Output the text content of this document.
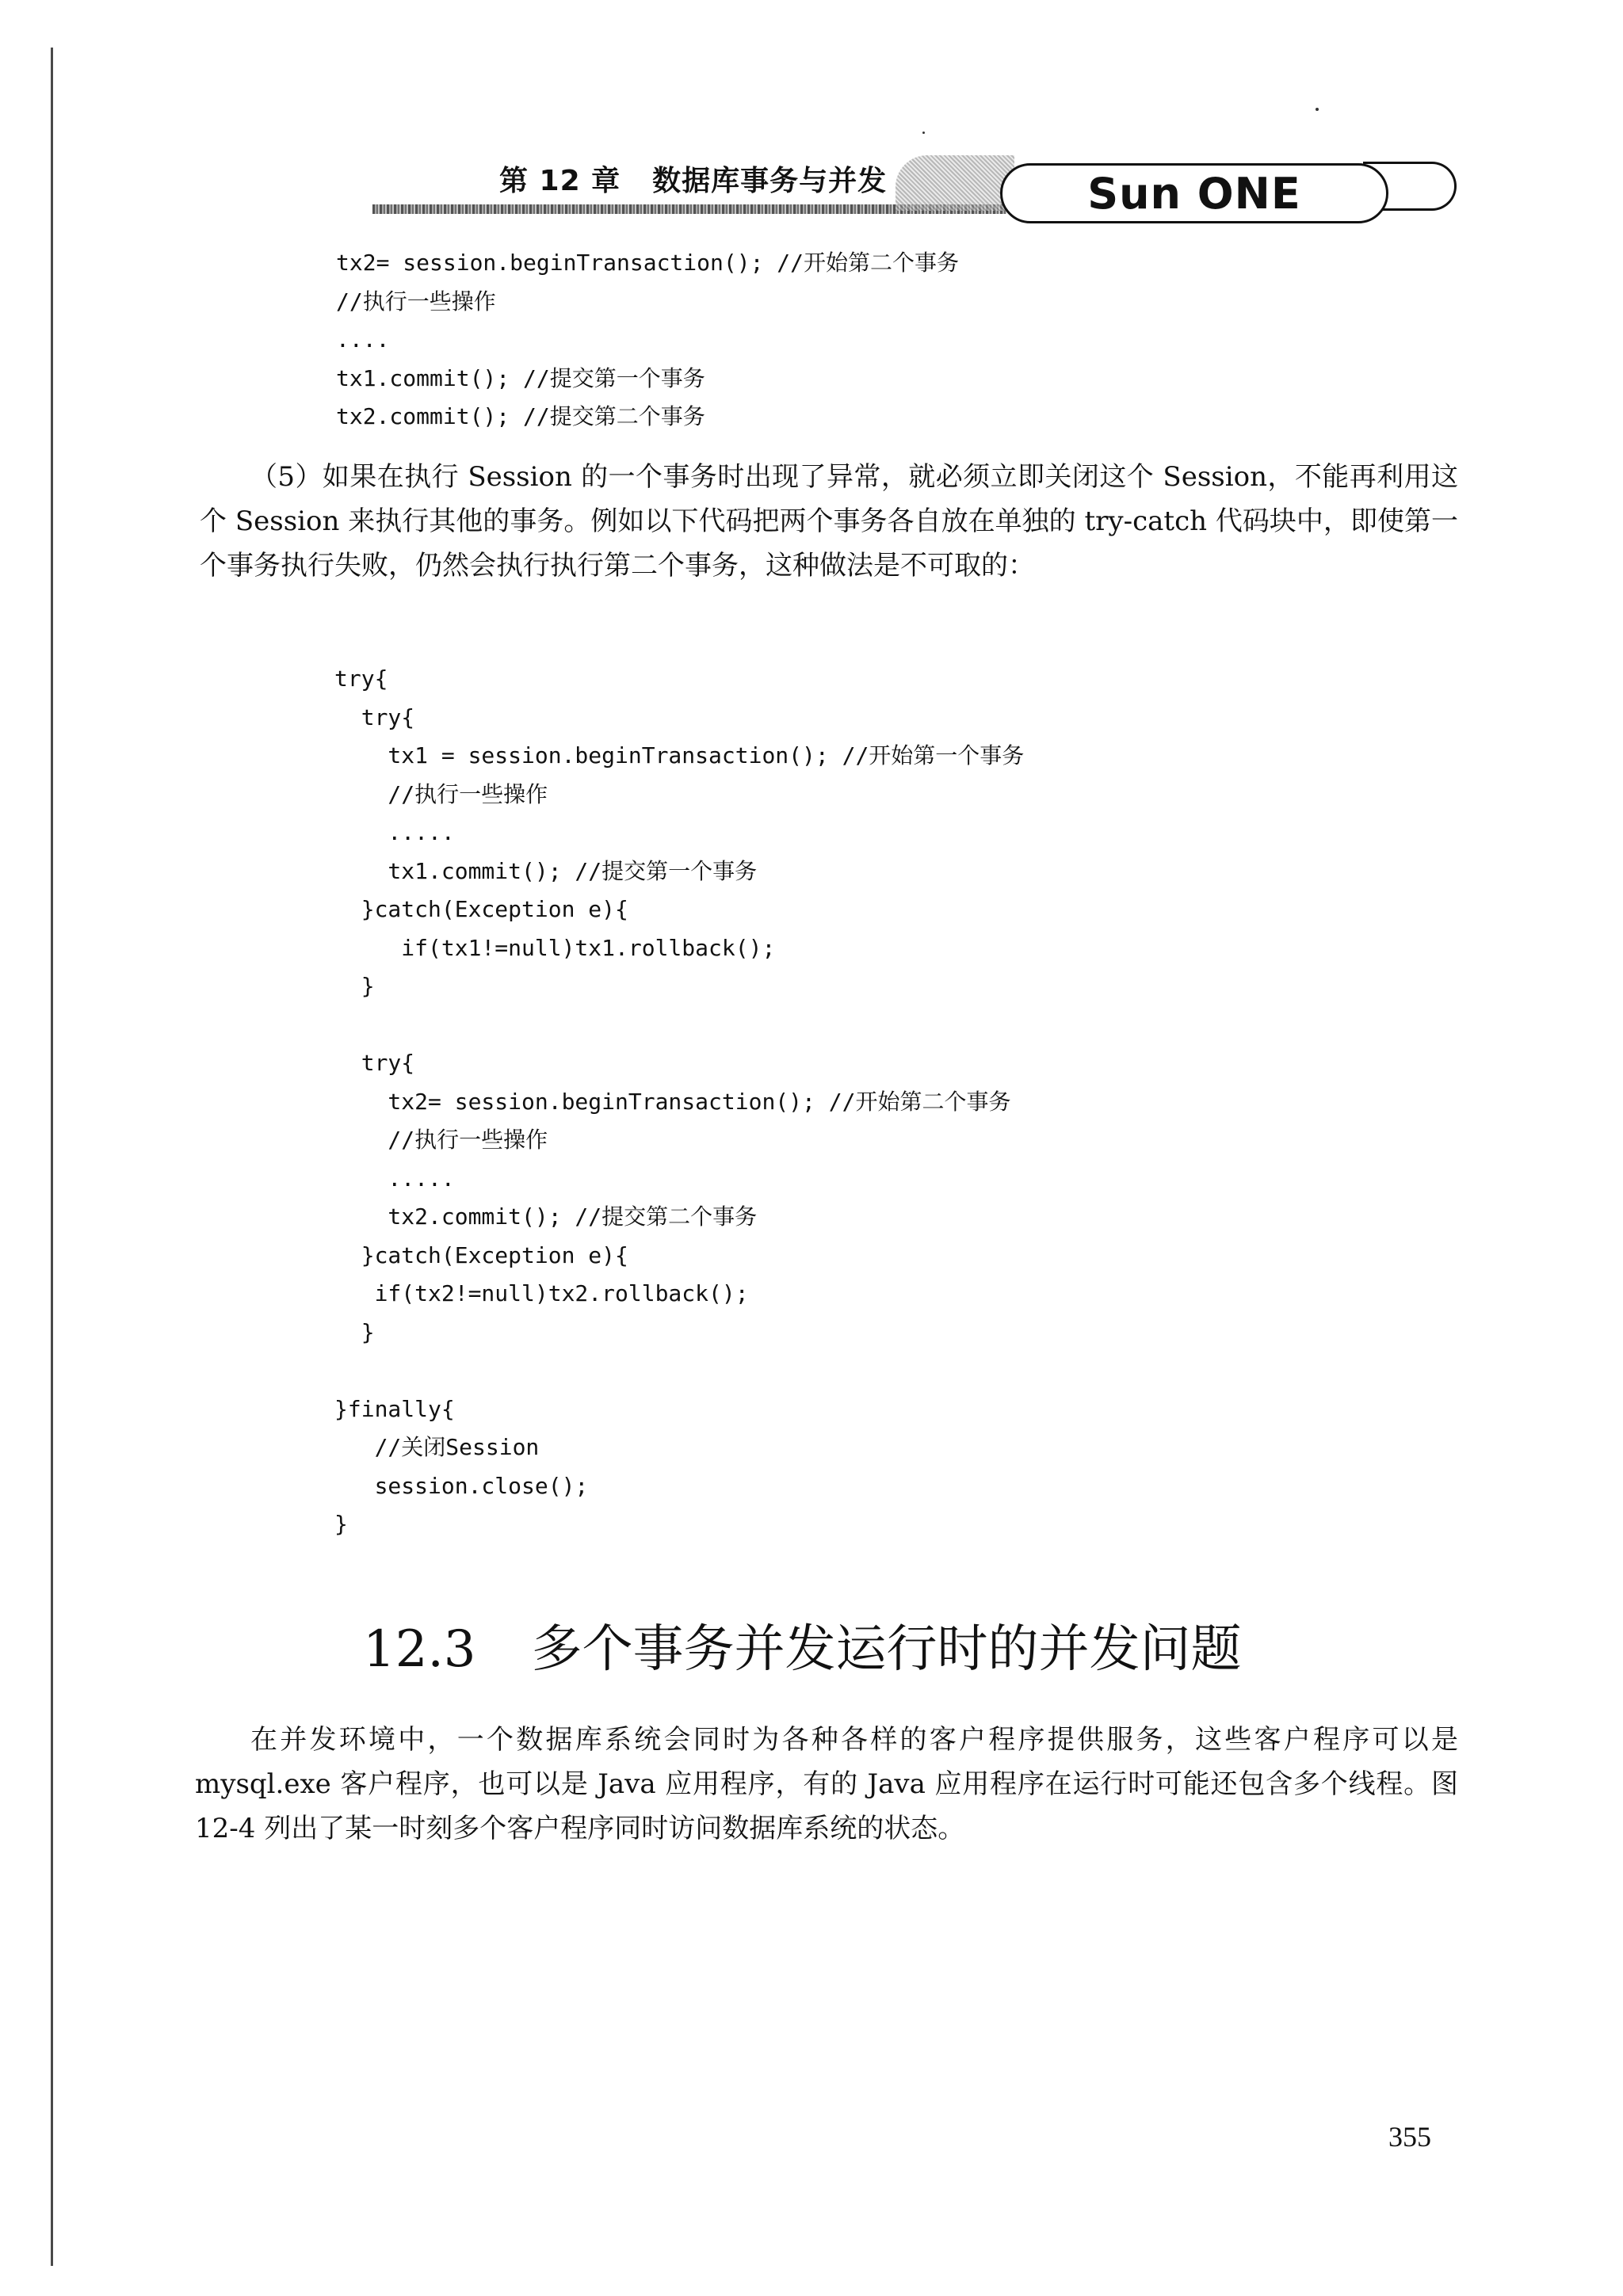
第 12 章 数据库事务与并发	Sun ONE
tx2= session.beginTransaction(); //开始第二个事务
//执行一些操作
....
tx1.commit(); //提交第一个事务
tx2.commit(); //提交第二个事务

（5）如果在执行 Session 的一个事务时出现了异常，就必须立即关闭这个 Session，不能再利用这个 Session 来执行其他的事务。例如以下代码把两个事务各自放在单独的 try-catch 代码块中，即使第一个事务执行失败，仍然会执行执行第二个事务，这种做法是不可取的：

try{
try{
tx1 = session.beginTransaction(); //开始第一个事务
//执行一些操作
.....
tx1.commit(); //提交第一个事务
}catch(Exception e){
if(tx1!=null)tx1.rollback();
}
try{
tx2= session.beginTransaction(); //开始第二个事务
//执行一些操作
.....
tx2.commit(); //提交第二个事务
}catch(Exception e){
if(tx2!=null)tx2.rollback();
}
}finally{
//关闭Session
session.close();
}
12.3 多个事务并发运行时的并发问题

在并发环境中，一个数据库系统会同时为各种各样的客户程序提供服务，这些客户程序可以是 mysql.exe 客户程序，也可以是 Java 应用程序，有的 Java 应用程序在运行时可能还包含多个线程。图 12-4 列出了某一时刻多个客户程序同时访问数据库系统的状态。

355
